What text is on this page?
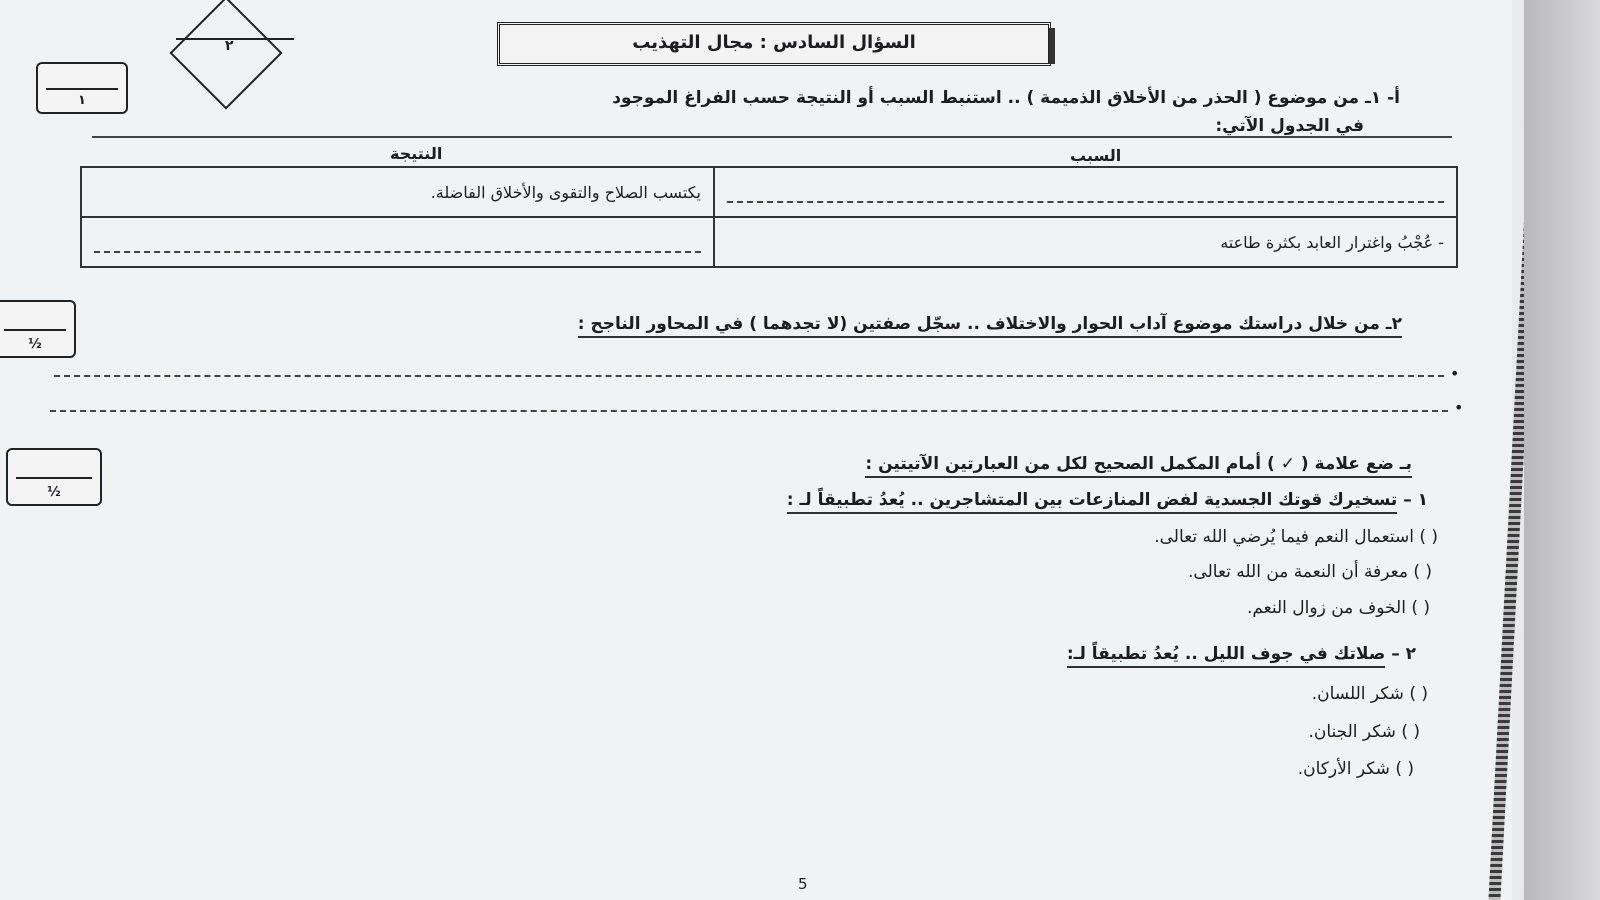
٢	السؤال السادس : مجال التهذيب
١	أ- ١ـ من موضوع ( الحذر من الأخلاق الذميمة ) .. استنبط السبب أو النتيجة حسب الفراغ الموجود
في الجدول الآتي:
السبب
النتيجة
	يكتسب الصلاح والتقوى والأخلاق الفاضلة.
- عُجْبُ واغترار العابد بكثرة طاعته	
½
٢ـ من خلال دراستك موضوع آداب الحوار والاختلاف .. سجّل صفتين (لا تجدهما ) في المحاور الناجح :
•
•
½
بـ ضع علامة ( ✓ ) أمام المكمل الصحيح لكل من العبارتين الآتيتين :
١ – تسخيرك قوتك الجسدية لفض المنازعات بين المتشاجرين .. يُعدُ تطبيقاً لـ :
( ) استعمال النعم فيما يُرضي الله تعالى.
( ) معرفة أن النعمة من الله تعالى.
( ) الخوف من زوال النعم.
٢ – صلاتك في جوف الليل .. يُعدُ تطبيقاً لـ:
( ) شكر اللسان.
( ) شكر الجنان.
( ) شكر الأركان.
5
